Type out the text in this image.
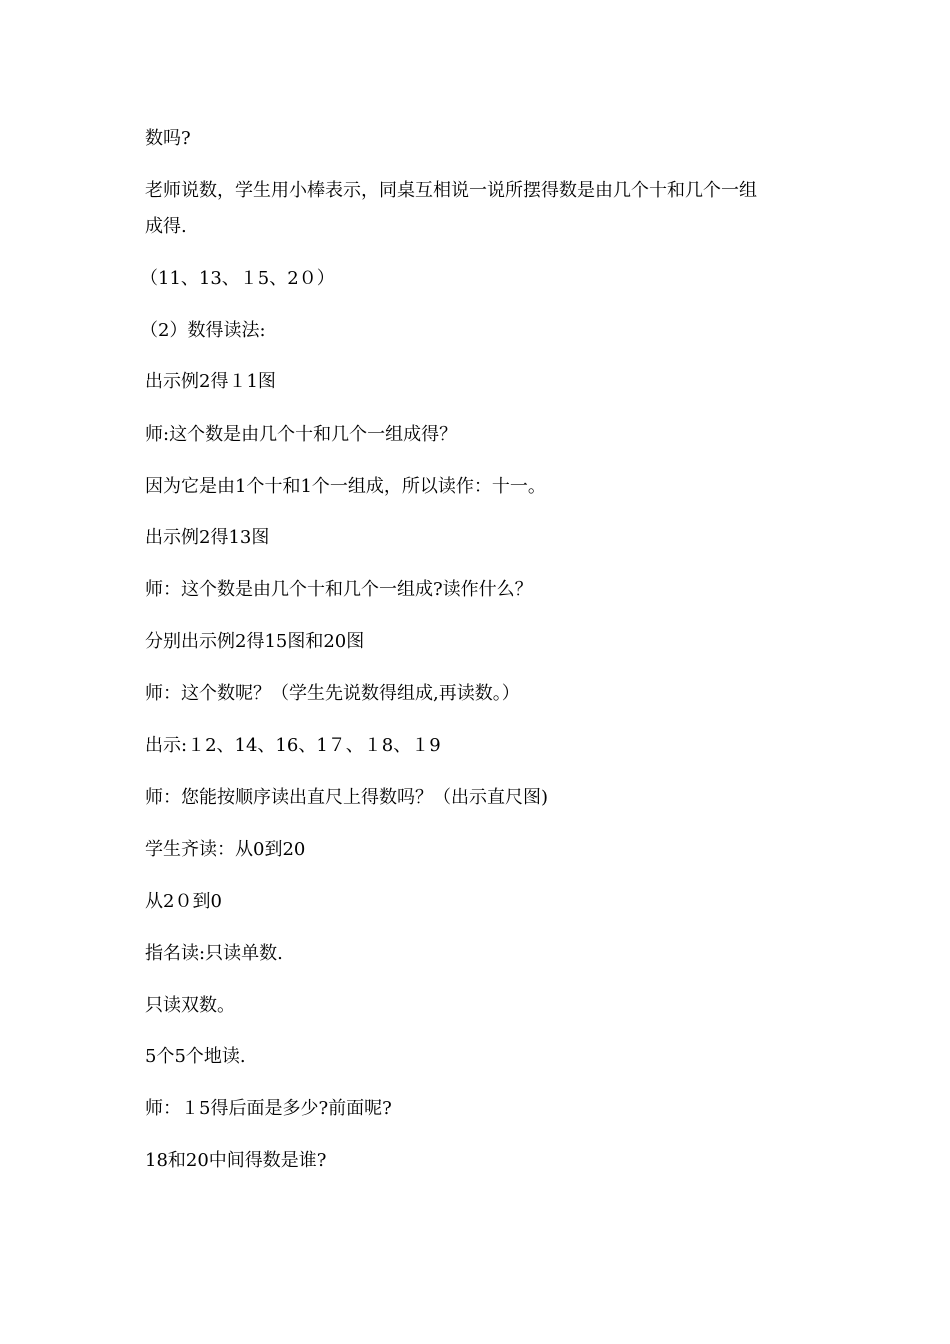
数吗?
老师说数，学生用小棒表示，同桌互相说一说所摆得数是由几个十和几个一组
成得.
（11、13、１5、2０）
（2）数得读法:
出示例2得１1图
师:这个数是由几个十和几个一组成得？
因为它是由1个十和1个一组成，所以读作：十一。
出示例2得13图
师：这个数是由几个十和几个一组成?读作什么？
分别出示例2得15图和20图
师：这个数呢？（学生先说数得组成,再读数。）
出示:１2、14、16、1７、１8、１9
师：您能按顺序读出直尺上得数吗？（出示直尺图)
学生齐读：从0到20
从2０到0
指名读:只读单数.
只读双数。
5个5个地读.
师：１5得后面是多少?前面呢?
18和20中间得数是谁?
